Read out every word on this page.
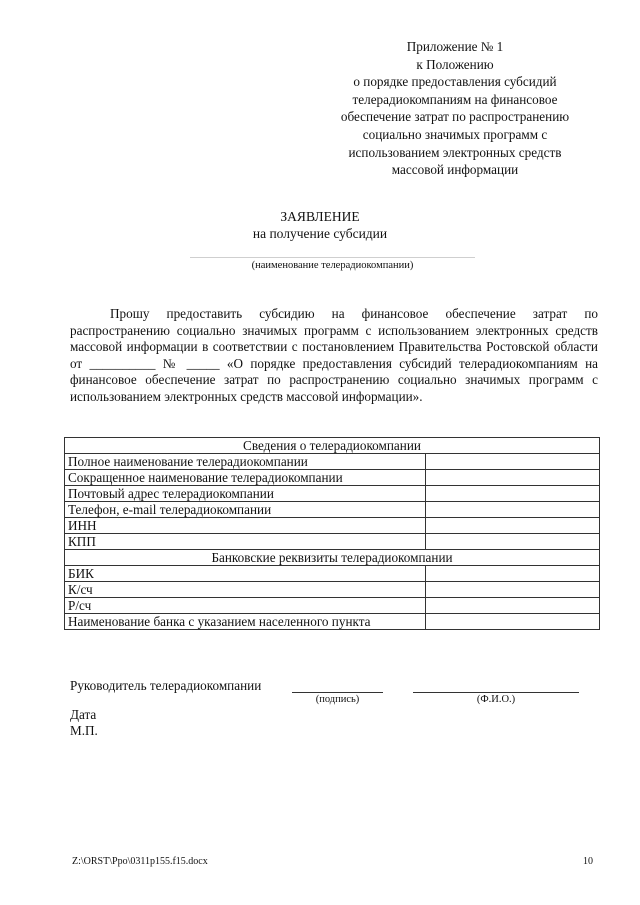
Приложение № 1
к Положению
о порядке предоставления субсидий
телерадиокомпаниям на финансовое
обеспечение затрат по распространению
социально значимых программ с
использованием электронных средств
массовой информации
ЗАЯВЛЕНИЕ
на получение субсидии
(наименование телерадиокомпании)

Прошу предоставить субсидию на финансовое обеспечение затрат по распространению социально значимых программ с использованием электронных средств массовой информации в соответствии с постановлением Правительства Ростовской области от __________ № _____ «О порядке предоставления субсидий телерадиокомпаниям на финансовое обеспечение затрат по распространению социально значимых программ с использованием электронных средств массовой информации».

Сведения о телерадиокомпании	
Полное наименование телерадиокомпании	
Сокращенное наименование телерадиокомпании	
Почтовый адрес телерадиокомпании	
Телефон, e-mail телерадиокомпании	
ИНН	
КПП	
Банковские реквизиты телерадиокомпании	
БИК	
К/сч	
Р/сч	
Наименование банка с указанием населенного пункта	
Руководитель телерадиокомпании
(подпись)	(Ф.И.О.)
Дата
М.П.
Z:\ORST\Ppo\0311p155.f15.docx	10
